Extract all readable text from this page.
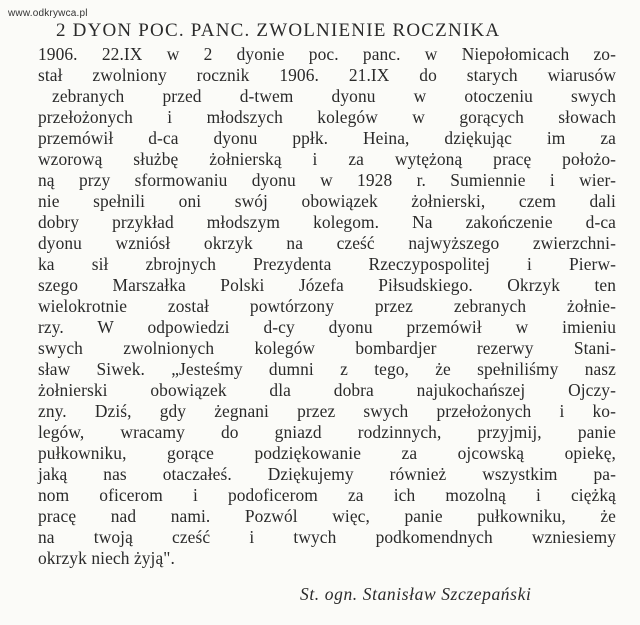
www.odkrywca.pl
2 DYON POC. PANC. ZWOLNIENIE ROCZNIKA
1906. 22.IX w 2 dyonie poc. panc. w Niepołomicach zo-
stał zwolniony rocznik 1906. 21.IX do starych wiarusów
zebranych przed d-twem dyonu w otoczeniu swych
przełożonych i młodszych kolegów w gorących słowach
przemówił d-ca dyonu ppłk. Heina, dziękując im za
wzorową służbę żołnierską i za wytężoną pracę położo-
ną przy sformowaniu dyonu w 1928 r. Sumiennie i wier-
nie spełnili oni swój obowiązek żołnierski, czem dali
dobry przykład młodszym kolegom. Na zakończenie d-ca
dyonu wzniósł okrzyk na cześć najwyższego zwierzchni-
ka sił zbrojnych Prezydenta Rzeczypospolitej i Pierw-
szego Marszałka Polski Józefa Piłsudskiego. Okrzyk ten
wielokrotnie został powtórzony przez zebranych żołnie-
rzy. W odpowiedzi d-cy dyonu przemówił w imieniu
swych zwolnionych kolegów bombardjer rezerwy Stani-
sław Siwek. „Jesteśmy dumni z tego, że spełniliśmy nasz
żołnierski obowiązek dla dobra najukochańszej Ojczy-
zny. Dziś, gdy żegnani przez swych przełożonych i ko-
legów, wracamy do gniazd rodzinnych, przyjmij, panie
pułkowniku, gorące podziękowanie za ojcowską opiekę,
jaką nas otaczałeś. Dziękujemy również wszystkim pa-
nom oficerom i podoficerom za ich mozolną i ciężką
pracę nad nami. Pozwól więc, panie pułkowniku, że
na twoją cześć i twych podkomendnych wzniesiemy
okrzyk niech żyją".
St. ogn. Stanisław Szczepański
